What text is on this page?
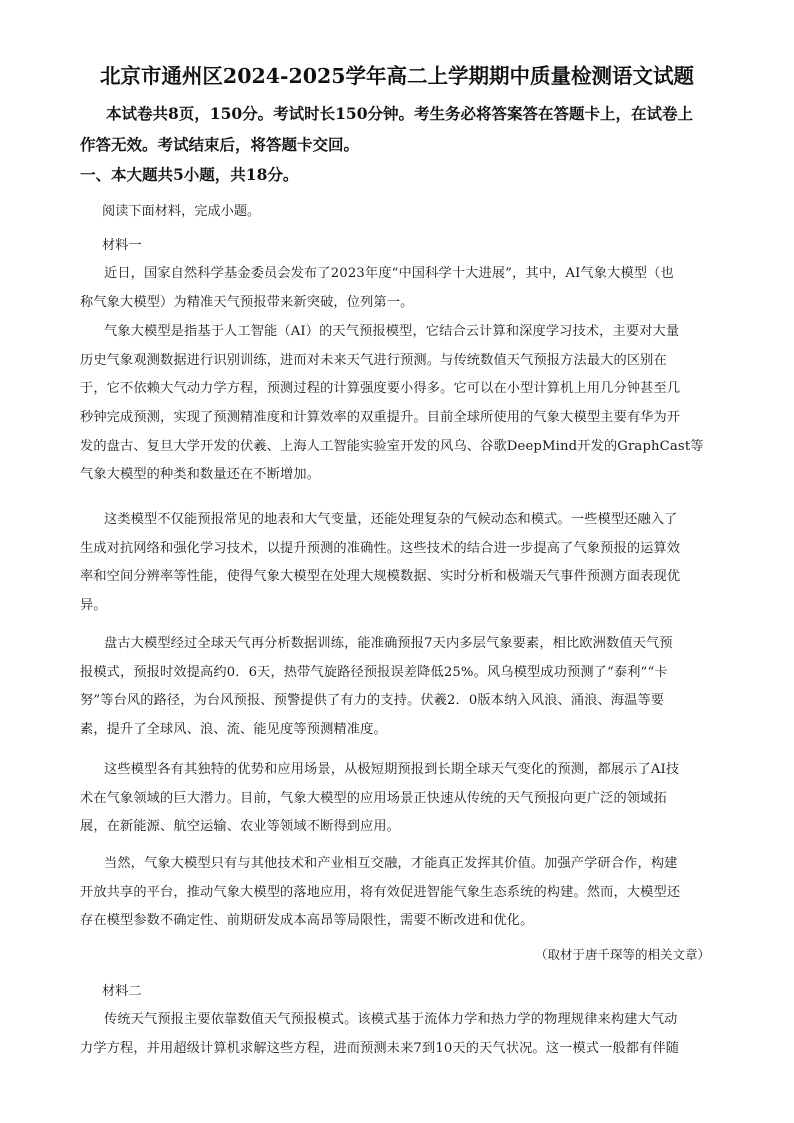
北京市通州区2024-2025学年高二上学期期中质量检测语文试题
本试卷共8页，150分。考试时长150分钟。考生务必将答案答在答题卡上，在试卷上
作答无效。考试结束后，将答题卡交回。
一、本大题共5小题，共18分。
阅读下面材料，完成小题。
材料一
近日，国家自然科学基金委员会发布了2023年度“中国科学十大进展”，其中，AI气象大模型（也
称气象大模型）为精准天气预报带来新突破，位列第一。
气象大模型是指基于人工智能（AI）的天气预报模型，它结合云计算和深度学习技术，主要对大量
历史气象观测数据进行识别训练，进而对未来天气进行预测。与传统数值天气预报方法最大的区别在
于，它不依赖大气动力学方程，预测过程的计算强度要小得多。它可以在小型计算机上用几分钟甚至几
秒钟完成预测，实现了预测精准度和计算效率的双重提升。目前全球所使用的气象大模型主要有华为开
发的盘古、复旦大学开发的伏羲、上海人工智能实验室开发的风乌、谷歌DeepMind开发的GraphCast等
气象大模型的种类和数量还在不断增加。
这类模型不仅能预报常见的地表和大气变量，还能处理复杂的气候动态和模式。一些模型还融入了
生成对抗网络和强化学习技术，以提升预测的准确性。这些技术的结合进一步提高了气象预报的运算效
率和空间分辨率等性能，使得气象大模型在处理大规模数据、实时分析和极端天气事件预测方面表现优
异。
盘古大模型经过全球天气再分析数据训练，能准确预报7天内多层气象要素，相比欧洲数值天气预
报模式，预报时效提高约0．6天，热带气旋路径预报误差降低25%。风乌模型成功预测了“泰利”“卡
努”等台风的路径，为台风预报、预警提供了有力的支持。伏羲2．0版本纳入风浪、涌浪、海温等要
素，提升了全球风、浪、流、能见度等预测精准度。
这些模型各有其独特的优势和应用场景，从极短期预报到长期全球天气变化的预测，都展示了AI技
术在气象领域的巨大潜力。目前，气象大模型的应用场景正快速从传统的天气预报向更广泛的领域拓
展，在新能源、航空运输、农业等领域不断得到应用。
当然，气象大模型只有与其他技术和产业相互交融，才能真正发挥其价值。加强产学研合作，构建
开放共享的平台，推动气象大模型的落地应用，将有效促进智能气象生态系统的构建。然而，大模型还
存在模型参数不确定性、前期研发成本高昂等局限性，需要不断改进和优化。
（取材于唐千琛等的相关文章）
材料二
传统天气预报主要依靠数值天气预报模式。该模式基于流体力学和热力学的物理规律来构建大气动
力学方程，并用超级计算机求解这些方程，进而预测未来7到10天的天气状况。这一模式一般都有伴随
